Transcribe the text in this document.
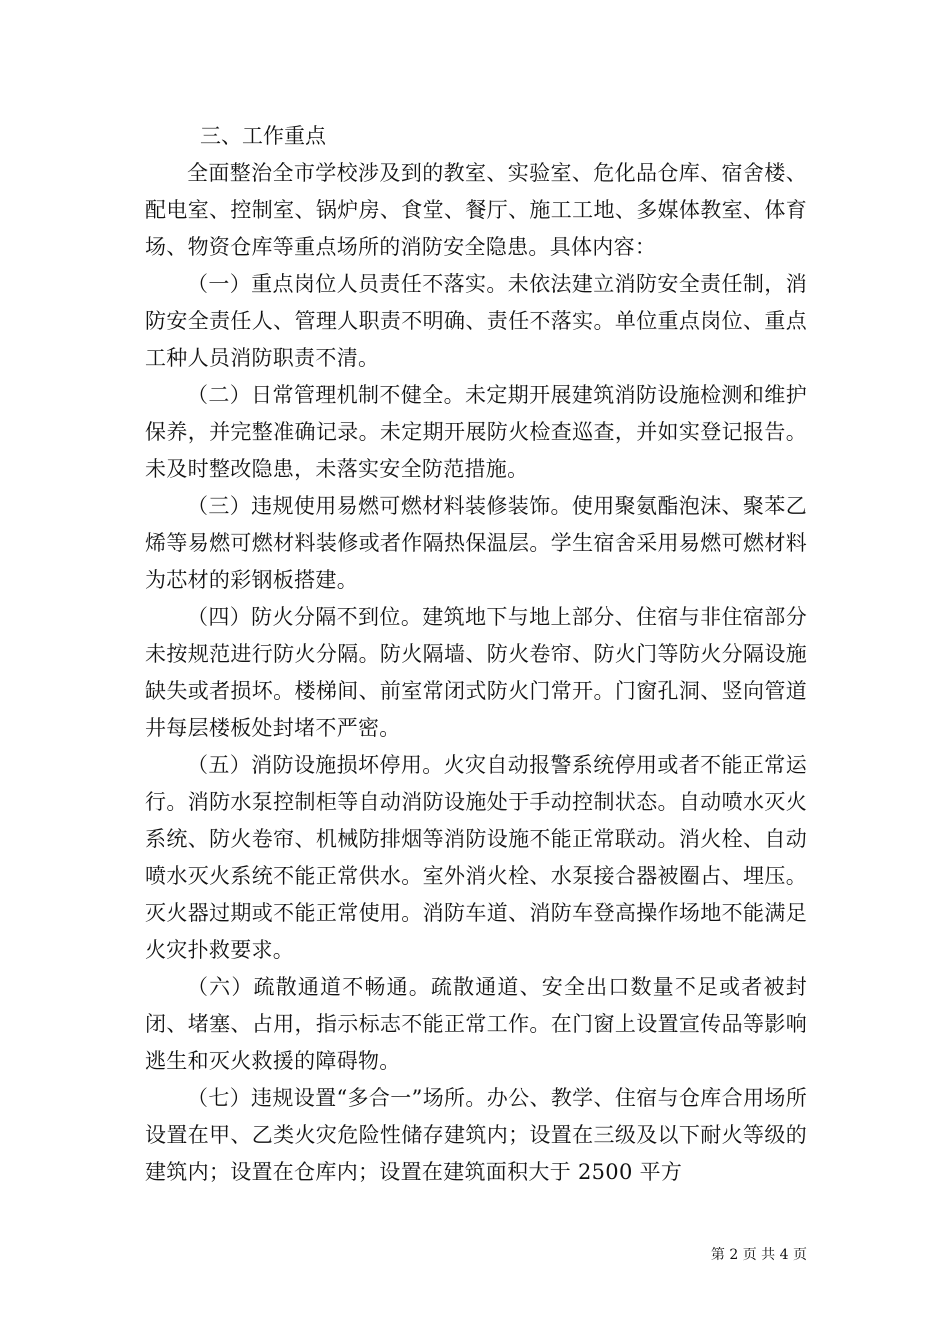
三、工作重点

全面整治全市学校涉及到的教室、实验室、危化品仓库、宿舍楼、配电室、控制室、锅炉房、食堂、餐厅、施工工地、多媒体教室、体育场、物资仓库等重点场所的消防安全隐患。具体内容：

（一）重点岗位人员责任不落实。未依法建立消防安全责任制，消防安全责任人、管理人职责不明确、责任不落实。单位重点岗位、重点工种人员消防职责不清。

（二）日常管理机制不健全。未定期开展建筑消防设施检测和维护保养，并完整准确记录。未定期开展防火检查巡查，并如实登记报告。未及时整改隐患，未落实安全防范措施。

（三）违规使用易燃可燃材料装修装饰。使用聚氨酯泡沫、聚苯乙烯等易燃可燃材料装修或者作隔热保温层。学生宿舍采用易燃可燃材料为芯材的彩钢板搭建。

（四）防火分隔不到位。建筑地下与地上部分、住宿与非住宿部分未按规范进行防火分隔。防火隔墙、防火卷帘、防火门等防火分隔设施缺失或者损坏。楼梯间、前室常闭式防火门常开。门窗孔洞、竖向管道井每层楼板处封堵不严密。

（五）消防设施损坏停用。火灾自动报警系统停用或者不能正常运行。消防水泵控制柜等自动消防设施处于手动控制状态。自动喷水灭火系统、防火卷帘、机械防排烟等消防设施不能正常联动。消火栓、自动喷水灭火系统不能正常供水。室外消火栓、水泵接合器被圈占、埋压。灭火器过期或不能正常使用。消防车道、消防车登高操作场地不能满足火灾扑救要求。

（六）疏散通道不畅通。疏散通道、安全出口数量不足或者被封闭、堵塞、占用，指示标志不能正常工作。在门窗上设置宣传品等影响逃生和灭火救援的障碍物。

（七）违规设置“多合一”场所。办公、教学、住宿与仓库合用场所设置在甲、乙类火灾危险性储存建筑内；设置在三级及以下耐火等级的建筑内；设置在仓库内；设置在建筑面积大于 2500 平方

第 2 页 共 4 页
